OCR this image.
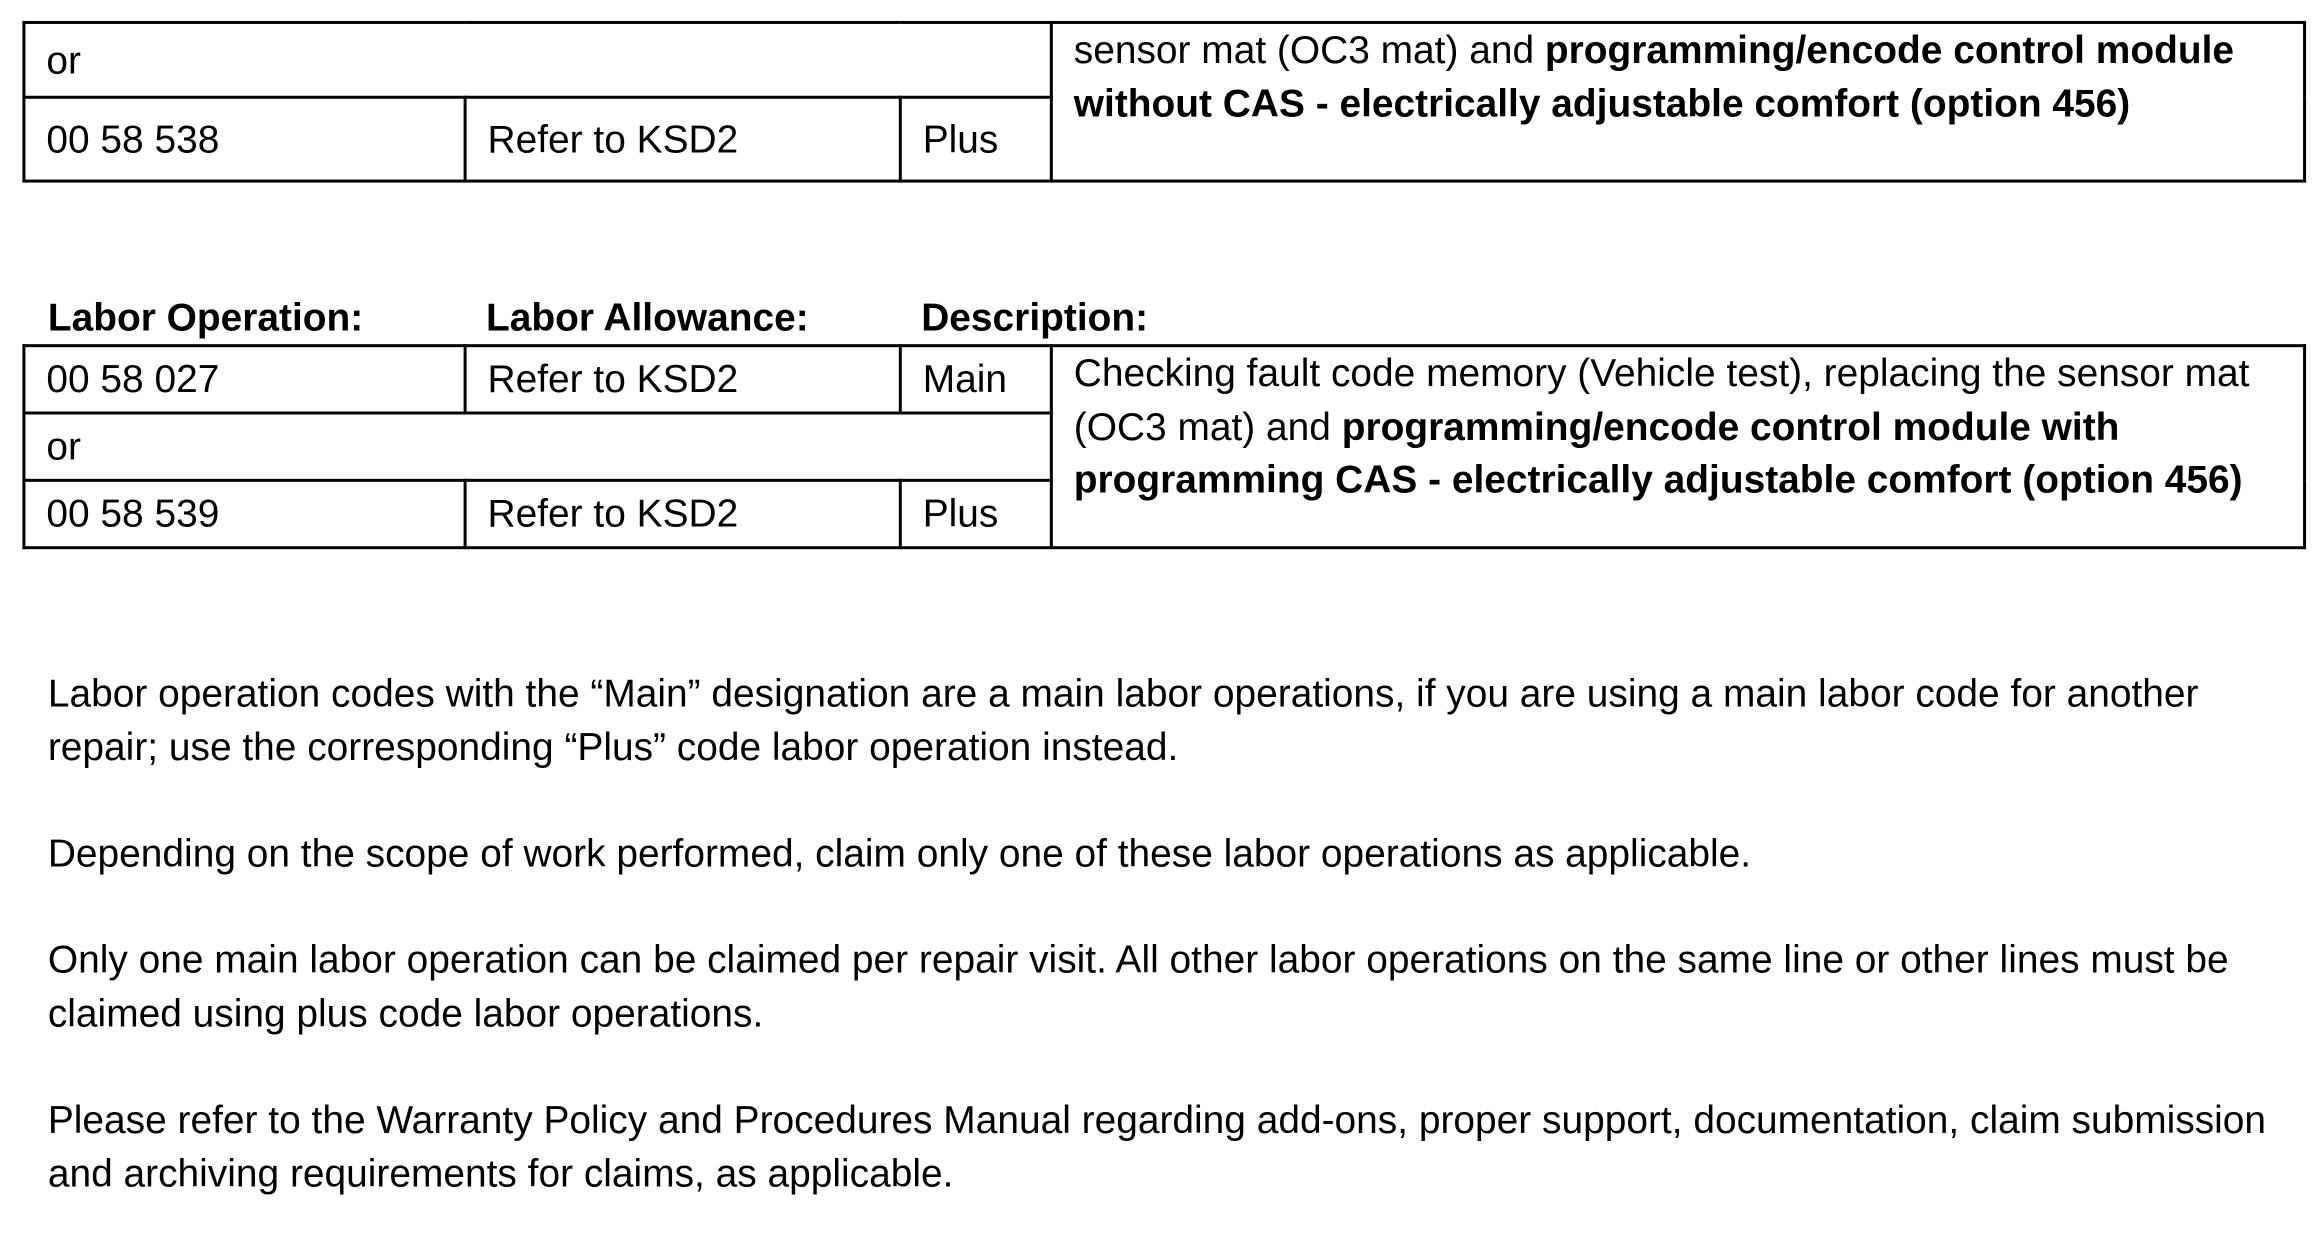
or			sensor mat (OC3 mat) and programming/encode control module without CAS - electrically adjustable comfort (option 456)
00 58 538	Refer to KSD2	Plus	
Labor Operation:	Labor Allowance:	Description:
00 58 027	Refer to KSD2	Main	Checking fault code memory (Vehicle test), replacing the sensor mat (OC3 mat) and programming/encode control module with programming CAS - electrically adjustable comfort (option 456)
or			
00 58 539	Refer to KSD2	Plus	

Labor operation codes with the “Main” designation are a main labor operations, if you are using a main labor code for another repair; use the corresponding “Plus” code labor operation instead.

Depending on the scope of work performed, claim only one of these labor operations as applicable.

Only one main labor operation can be claimed per repair visit. All other labor operations on the same line or other lines must be claimed using plus code labor operations.

Please refer to the Warranty Policy and Procedures Manual regarding add-ons, proper support, documentation, claim submission and archiving requirements for claims, as applicable.
